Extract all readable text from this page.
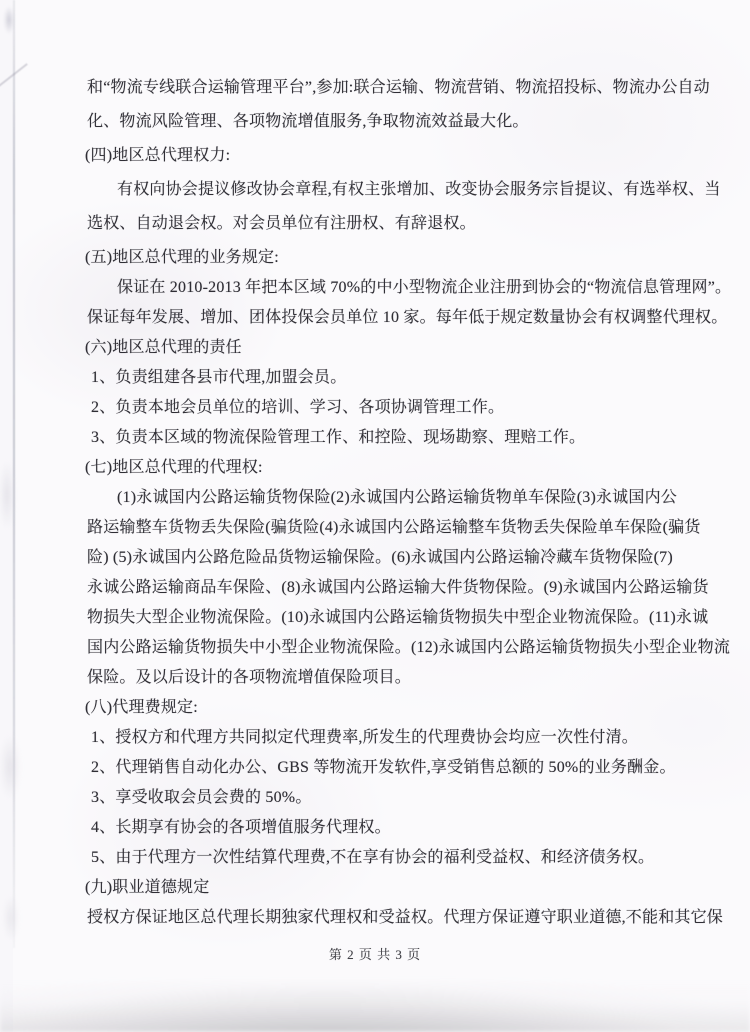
和“物流专线联合运输管理平台”,参加:联合运输、物流营销、物流招投标、物流办公自动
化、物流风险管理、各项物流增值服务,争取物流效益最大化。
(四)地区总代理权力:
有权向协会提议修改协会章程,有权主张增加、改变协会服务宗旨提议、有选举权、当
选权、自动退会权。对会员单位有注册权、有辞退权。
(五)地区总代理的业务规定:
保证在 2010-2013 年把本区域 70%的中小型物流企业注册到协会的“物流信息管理网”。
保证每年发展、增加、团体投保会员单位 10 家。每年低于规定数量协会有权调整代理权。
(六)地区总代理的责任
1、负责组建各县市代理,加盟会员。
2、负责本地会员单位的培训、学习、各项协调管理工作。
3、负责本区域的物流保险管理工作、和控险、现场勘察、理赔工作。
(七)地区总代理的代理权:
(1)永诚国内公路运输货物保险(2)永诚国内公路运输货物单车保险(3)永诚国内公
路运输整车货物丢失保险(骗货险(4)永诚国内公路运输整车货物丢失保险单车保险(骗货
险) (5)永诚国内公路危险品货物运输保险。(6)永诚国内公路运输冷藏车货物保险(7)
永诚公路运输商品车保险、(8)永诚国内公路运输大件货物保险。(9)永诚国内公路运输货
物损失大型企业物流保险。(10)永诚国内公路运输货物损失中型企业物流保险。(11)永诚
国内公路运输货物损失中小型企业物流保险。(12)永诚国内公路运输货物损失小型企业物流
保险。及以后设计的各项物流增值保险项目。
(八)代理费规定:
1、授权方和代理方共同拟定代理费率,所发生的代理费协会均应一次性付清。
2、代理销售自动化办公、GBS 等物流开发软件,享受销售总额的 50%的业务酬金。
3、享受收取会员会费的 50%。
4、长期享有协会的各项增值服务代理权。
5、由于代理方一次性结算代理费,不在享有协会的福利受益权、和经济债务权。
(九)职业道德规定
授权方保证地区总代理长期独家代理权和受益权。代理方保证遵守职业道德,不能和其它保
第 2 页 共 3 页
